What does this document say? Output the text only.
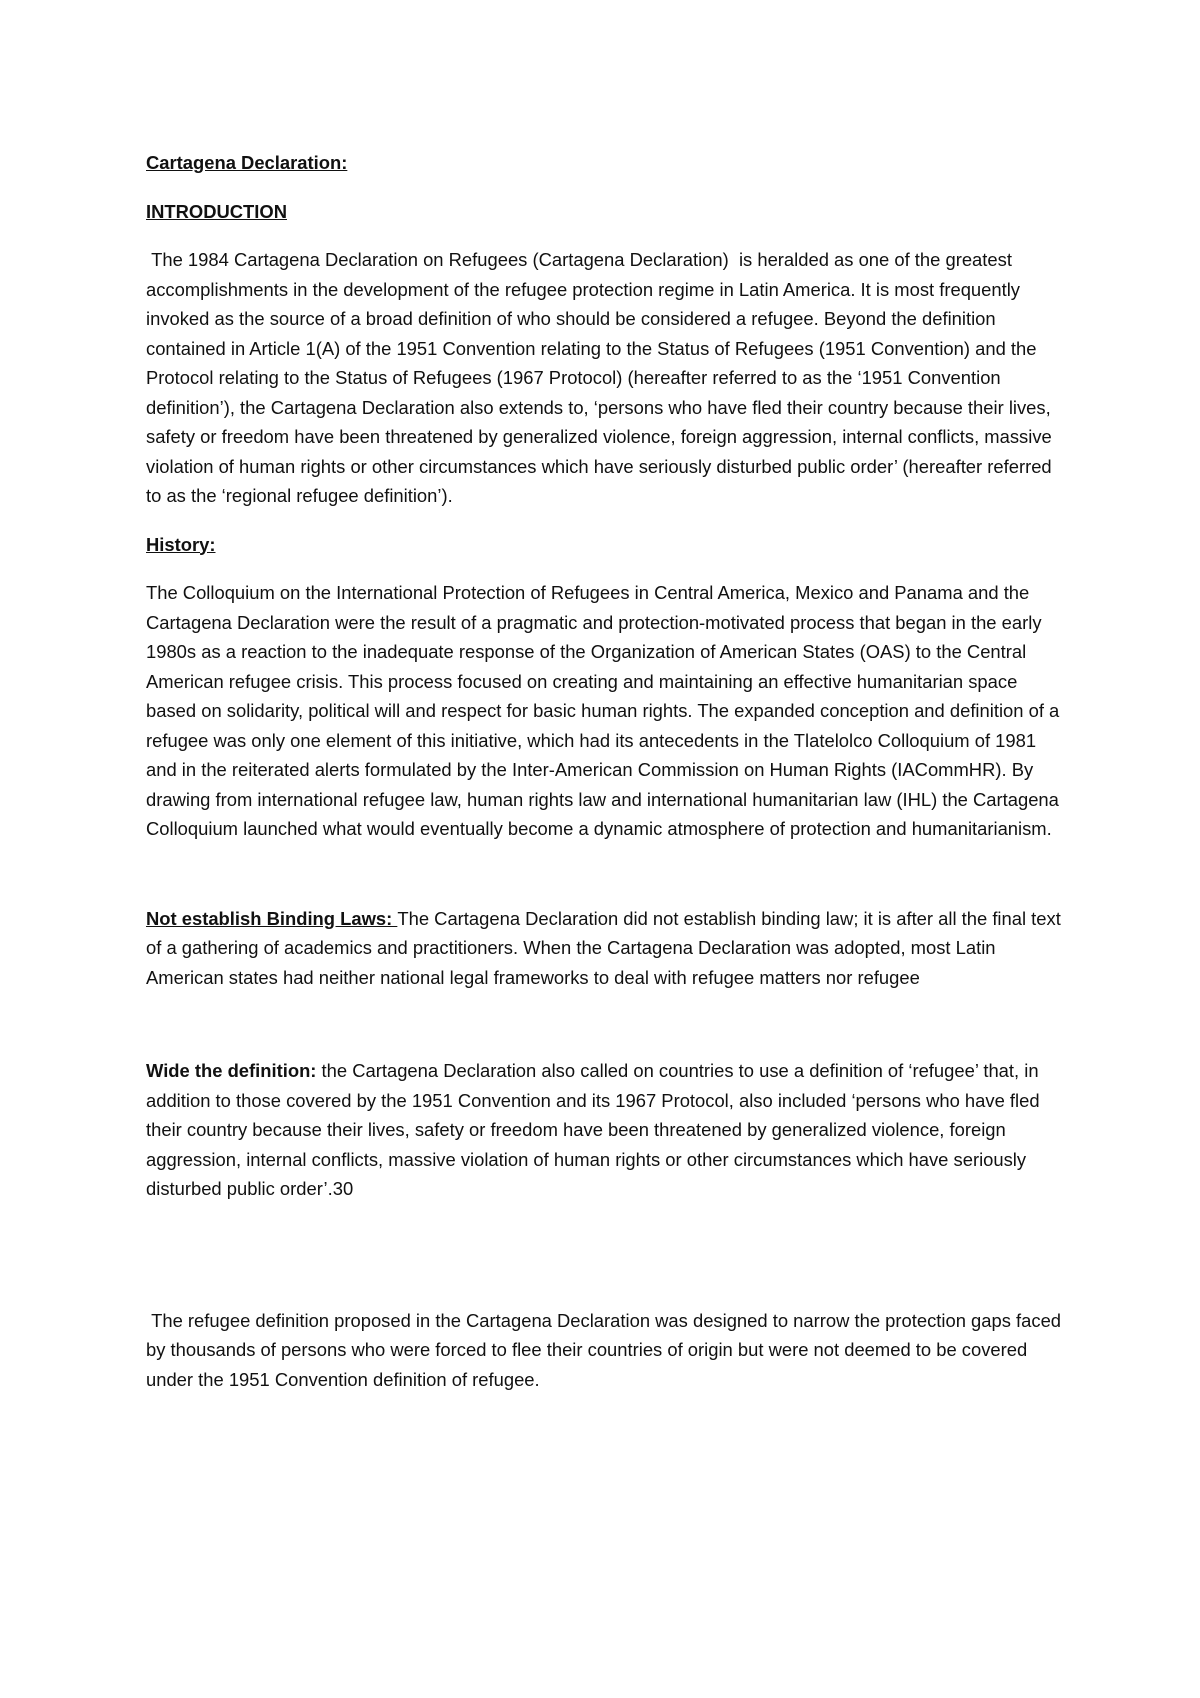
Cartagena Declaration:

INTRODUCTION

The 1984 Cartagena Declaration on Refugees (Cartagena Declaration)  is heralded as one of the greatest accomplishments in the development of the refugee protection regime in Latin America. It is most frequently invoked as the source of a broad definition of who should be considered a refugee. Beyond the definition contained in Article 1(A) of the 1951 Convention relating to the Status of Refugees (1951 Convention) and the Protocol relating to the Status of Refugees (1967 Protocol) (hereafter referred to as the ‘1951 Convention definition’), the Cartagena Declaration also extends to, ‘persons who have fled their country because their lives, safety or freedom have been threatened by generalized violence, foreign aggression, internal conflicts, massive violation of human rights or other circumstances which have seriously disturbed public order’ (hereafter referred to as the ‘regional refugee definition’).

History:

The Colloquium on the International Protection of Refugees in Central America, Mexico and Panama and the Cartagena Declaration were the result of a pragmatic and protection-motivated process that began in the early 1980s as a reaction to the inadequate response of the Organization of American States (OAS) to the Central American refugee crisis. This process focused on creating and maintaining an effective humanitarian space based on solidarity, political will and respect for basic human rights. The expanded conception and definition of a refugee was only one element of this initiative, which had its antecedents in the Tlatelolco Colloquium of 1981  and in the reiterated alerts formulated by the Inter-American Commission on Human Rights (IACommHR). By drawing from international refugee law, human rights law and international humanitarian law (IHL) the Cartagena Colloquium launched what would eventually become a dynamic atmosphere of protection and humanitarianism.

Not establish Binding Laws: The Cartagena Declaration did not establish binding law; it is after all the final text of a gathering of academics and practitioners. When the Cartagena Declaration was adopted, most Latin American states had neither national legal frameworks to deal with refugee matters nor refugee

Wide the definition: the Cartagena Declaration also called on countries to use a definition of ‘refugee’ that, in addition to those covered by the 1951 Convention and its 1967 Protocol, also included ‘persons who have fled their country because their lives, safety or freedom have been threatened by generalized violence, foreign aggression, internal conflicts, massive violation of human rights or other circumstances which have seriously disturbed public order’.30

The refugee definition proposed in the Cartagena Declaration was designed to narrow the protection gaps faced by thousands of persons who were forced to flee their countries of origin but were not deemed to be covered under the 1951 Convention definition of refugee.
